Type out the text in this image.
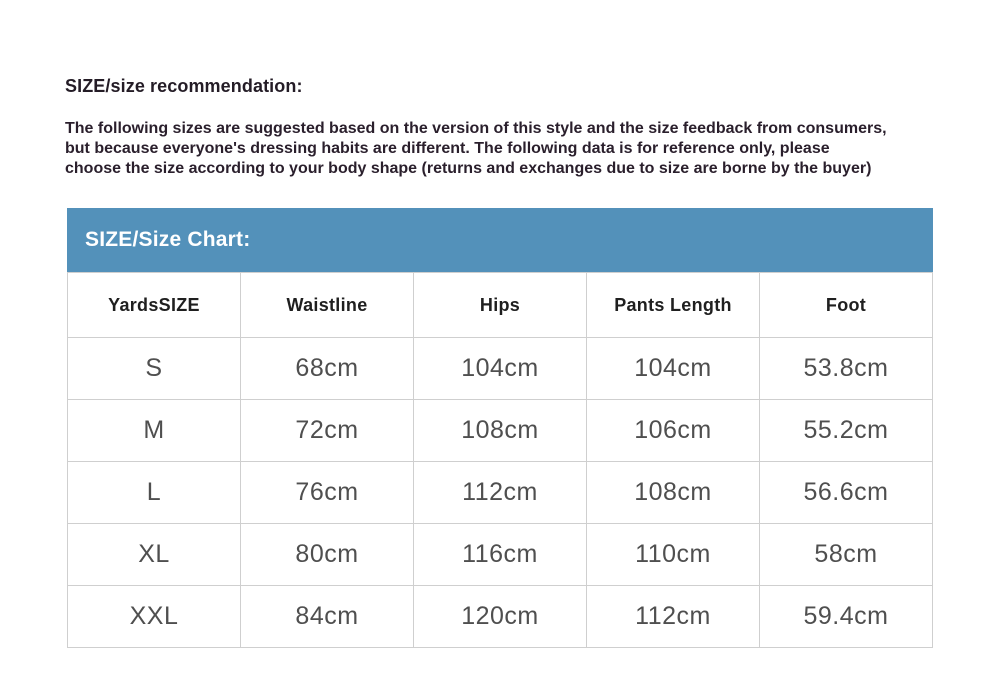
SIZE/size recommendation:
The following sizes are suggested based on the version of this style and the size feedback from consumers,
but because everyone's dressing habits are different. The following data is for reference only, please
choose the size according to your body shape (returns and exchanges due to size are borne by the buyer)
SIZE/Size Chart:
YardsSIZE	Waistline	Hips	Pants Length	Foot
S	68cm	104cm	104cm	53.8cm
M	72cm	108cm	106cm	55.2cm
L	76cm	112cm	108cm	56.6cm
XL	80cm	116cm	110cm	58cm
XXL	84cm	120cm	112cm	59.4cm
